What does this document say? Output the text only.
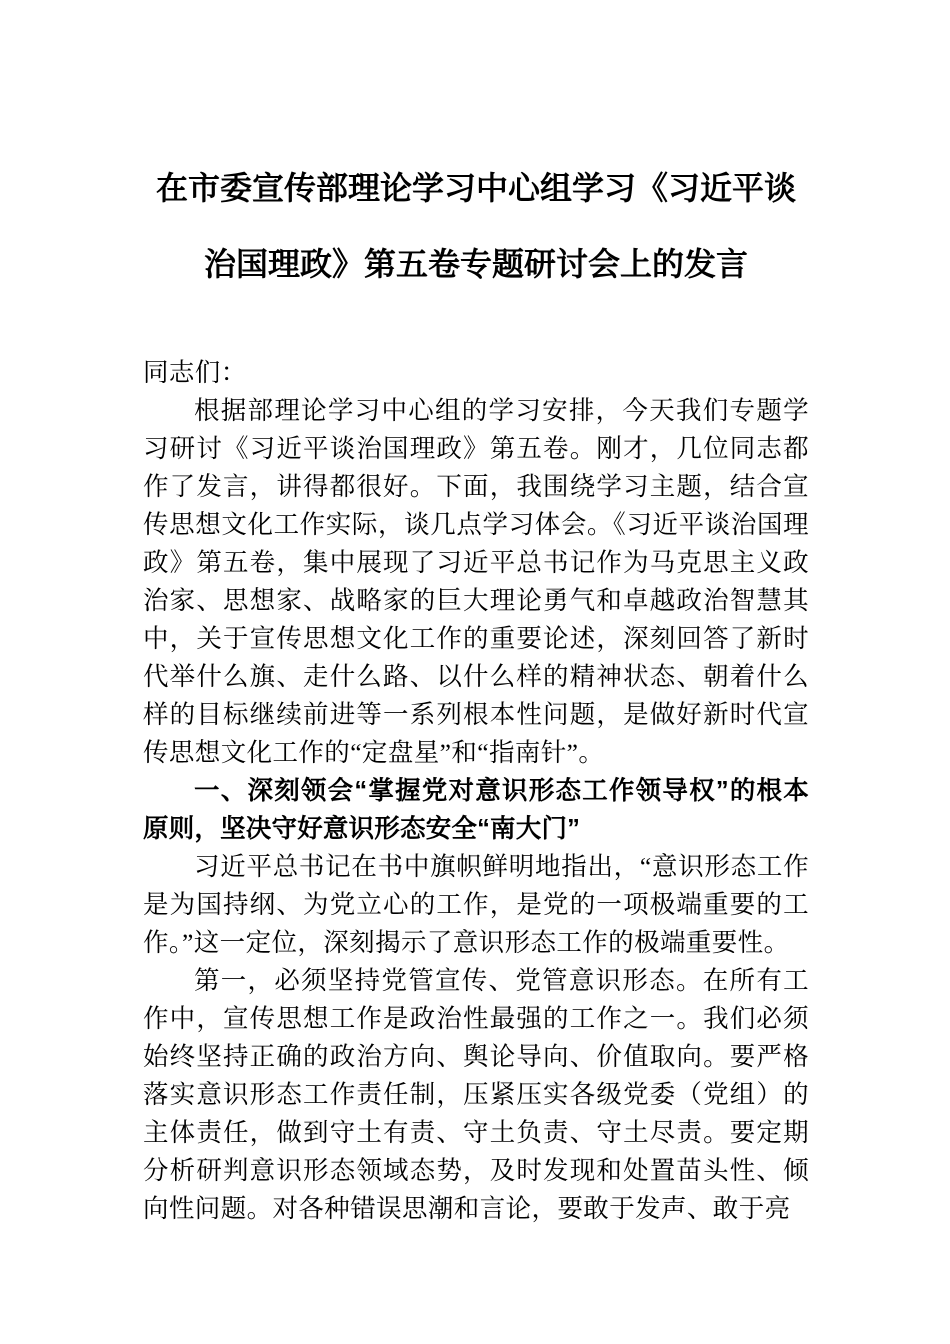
在市委宣传部理论学习中心组学习《习近平谈治国理政》第五卷专题研讨会上的发言

同志们：

根据部理论学习中心组的学习安排，今天我们专题学习研讨《习近平谈治国理政》第五卷。刚才，几位同志都作了发言，讲得都很好。下面，我围绕学习主题，结合宣传思想文化工作实际，谈几点学习体会。《习近平谈治国理政》第五卷，集中展现了习近平总书记作为马克思主义政治家、思想家、战略家的巨大理论勇气和卓越政治智慧其中，关于宣传思想文化工作的重要论述，深刻回答了新时代举什么旗、走什么路、以什么样的精神状态、朝着什么样的目标继续前进等一系列根本性问题，是做好新时代宣传思想文化工作的“定盘星”和“指南针”。

一、深刻领会“掌握党对意识形态工作领导权”的根本原则，坚决守好意识形态安全“南大门”

习近平总书记在书中旗帜鲜明地指出，“意识形态工作是为国持纲、为党立心的工作，是党的一项极端重要的工作。”这一定位，深刻揭示了意识形态工作的极端重要性。

第一，必须坚持党管宣传、党管意识形态。在所有工作中，宣传思想工作是政治性最强的工作之一。我们必须始终坚持正确的政治方向、舆论导向、价值取向。要严格落实意识形态工作责任制，压紧压实各级党委（党组）的主体责任，做到守土有责、守土负责、守土尽责。要定期分析研判意识形态领域态势，及时发现和处置苗头性、倾向性问题。对各种错误思潮和言论，要敢于发声、敢于亮
